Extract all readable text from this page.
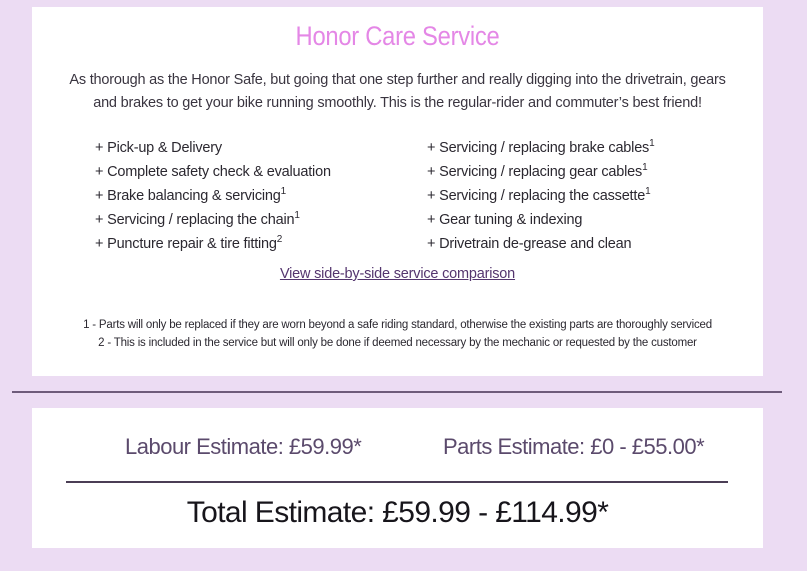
Honor Care Service
As thorough as the Honor Safe, but going that one step further and really digging into the drivetrain, gears and brakes to get your bike running smoothly. This is the regular-rider and commuter’s best friend!
+ Pick-up & Delivery
+ Complete safety check & evaluation
+ Brake balancing & servicing$^1$
+ Servicing / replacing the chain$^1$
+ Puncture repair & tire fitting$^2$
+ Servicing / replacing brake cables$^1$
+ Servicing / replacing gear cables$^1$
+ Servicing / replacing the cassette$^1$
+ Gear tuning & indexing
+ Drivetrain de-grease and clean
View side-by-side service comparison
1 - Parts will only be replaced if they are worn beyond a safe riding standard, otherwise the existing parts are thoroughly serviced
2 - This is included in the service but will only be done if deemed necessary by the mechanic or requested by the customer
Labour Estimate: £59.99*	Parts Estimate: £0 - £55.00*
Total Estimate: £59.99 - £114.99*
